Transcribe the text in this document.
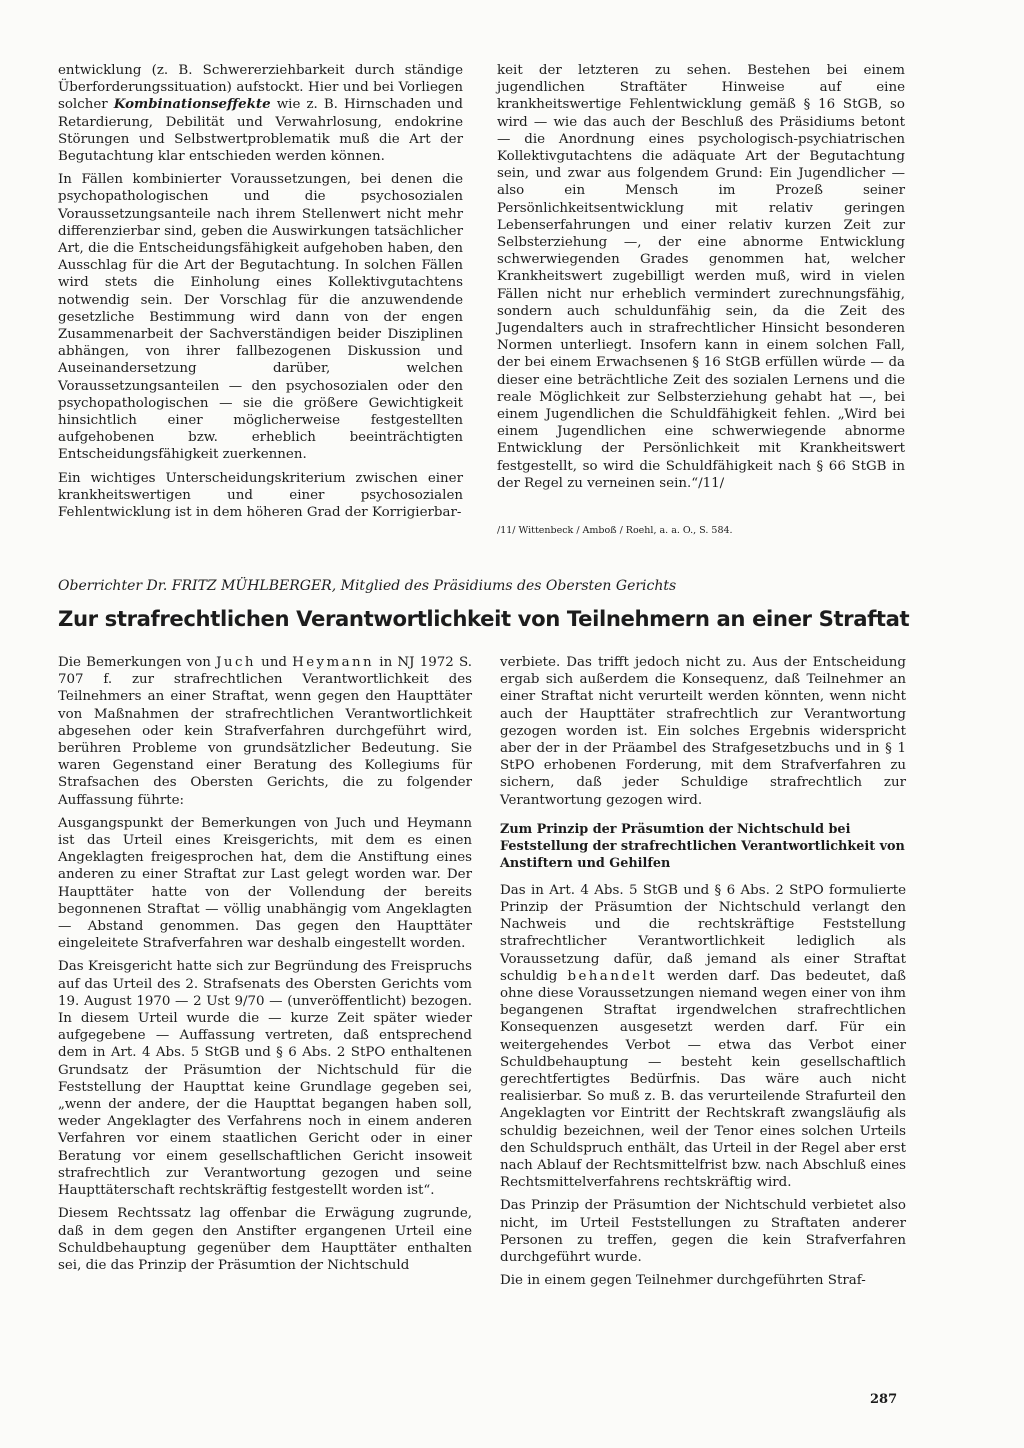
entwicklung (z. B. Schwererziehbarkeit durch ständige Überforderungssituation) aufstockt. Hier und bei Vorliegen solcher Kombinationseffekte wie z. B. Hirnschaden und Retardierung, Debilität und Verwahrlosung, endokrine Störungen und Selbstwertproblematik muß die Art der Begutachtung klar entschieden werden können.

In Fällen kombinierter Voraussetzungen, bei denen die psychopathologischen und die psychosozialen Voraussetzungsanteile nach ihrem Stellenwert nicht mehr differenzierbar sind, geben die Auswirkungen tatsächlicher Art, die die Entscheidungsfähigkeit aufgehoben haben, den Ausschlag für die Art der Begutachtung. In solchen Fällen wird stets die Einholung eines Kollektivgutachtens notwendig sein. Der Vorschlag für die anzuwendende gesetzliche Bestimmung wird dann von der engen Zusammenarbeit der Sachverständigen beider Disziplinen abhängen, von ihrer fallbezogenen Diskussion und Auseinandersetzung darüber, welchen Voraussetzungsanteilen — den psychosozialen oder den psychopathologischen — sie die größere Gewichtigkeit hinsichtlich einer möglicherweise festgestellten aufgehobenen bzw. erheblich beeinträchtigten Entscheidungsfähigkeit zuerkennen.

Ein wichtiges Unterscheidungskriterium zwischen einer krankheitswertigen und einer psychosozialen Fehlentwicklung ist in dem höheren Grad der Korrigierbar-

keit der letzteren zu sehen. Bestehen bei einem jugendlichen Straftäter Hinweise auf eine krankheitswertige Fehlentwicklung gemäß § 16 StGB, so wird — wie das auch der Beschluß des Präsidiums betont — die Anordnung eines psychologisch-psychiatrischen Kollektivgutachtens die adäquate Art der Begutachtung sein, und zwar aus folgendem Grund: Ein Jugendlicher — also ein Mensch im Prozeß seiner Persönlichkeitsentwicklung mit relativ geringen Lebenserfahrungen und einer relativ kurzen Zeit zur Selbsterziehung —, der eine abnorme Entwicklung schwerwiegenden Grades genommen hat, welcher Krankheitswert zugebilligt werden muß, wird in vielen Fällen nicht nur erheblich vermindert zurechnungsfähig, sondern auch schuldunfähig sein, da die Zeit des Jugendalters auch in strafrechtlicher Hinsicht besonderen Normen unterliegt. Insofern kann in einem solchen Fall, der bei einem Erwachsenen § 16 StGB erfüllen würde — da dieser eine beträchtliche Zeit des sozialen Lernens und die reale Möglichkeit zur Selbsterziehung gehabt hat —, bei einem Jugendlichen die Schuldfähigkeit fehlen. „Wird bei einem Jugendlichen eine schwerwiegende abnorme Entwicklung der Persönlichkeit mit Krankheitswert festgestellt, so wird die Schuldfähigkeit nach § 66 StGB in der Regel zu verneinen sein.“/11/

/11/ Wittenbeck / Amboß / Roehl, a. a. O., S. 584.
Oberrichter Dr. FRITZ MÜHLBERGER, Mitglied des Präsidiums des Obersten Gerichts
Zur strafrechtlichen Verantwortlichkeit von Teilnehmern an einer Straftat

Die Bemerkungen von Juch und Heymann in NJ 1972 S. 707 f. zur strafrechtlichen Verantwortlichkeit des Teilnehmers an einer Straftat, wenn gegen den Haupttäter von Maßnahmen der strafrechtlichen Verantwortlichkeit abgesehen oder kein Strafverfahren durchgeführt wird, berühren Probleme von grundsätzlicher Bedeutung. Sie waren Gegenstand einer Beratung des Kollegiums für Strafsachen des Obersten Gerichts, die zu folgender Auffassung führte:

Ausgangspunkt der Bemerkungen von Juch und Heymann ist das Urteil eines Kreisgerichts, mit dem es einen Angeklagten freigesprochen hat, dem die Anstiftung eines anderen zu einer Straftat zur Last gelegt worden war. Der Haupttäter hatte von der Vollendung der bereits begonnenen Straftat — völlig unabhängig vom Angeklagten — Abstand genommen. Das gegen den Haupttäter eingeleitete Strafverfahren war deshalb eingestellt worden.

Das Kreisgericht hatte sich zur Begründung des Freispruchs auf das Urteil des 2. Strafsenats des Obersten Gerichts vom 19. August 1970 — 2 Ust 9/70 — (unveröffentlicht) bezogen. In diesem Urteil wurde die — kurze Zeit später wieder aufgegebene — Auffassung vertreten, daß entsprechend dem in Art. 4 Abs. 5 StGB und § 6 Abs. 2 StPO enthaltenen Grundsatz der Präsumtion der Nichtschuld für die Feststellung der Haupttat keine Grundlage gegeben sei, „wenn der andere, der die Haupttat begangen haben soll, weder Angeklagter des Verfahrens noch in einem anderen Verfahren vor einem staatlichen Gericht oder in einer Beratung vor einem gesellschaftlichen Gericht insoweit strafrechtlich zur Verantwortung gezogen und seine Haupttäterschaft rechtskräftig festgestellt worden ist“.

Diesem Rechtssatz lag offenbar die Erwägung zugrunde, daß in dem gegen den Anstifter ergangenen Urteil eine Schuldbehauptung gegenüber dem Haupttäter enthalten sei, die das Prinzip der Präsumtion der Nichtschuld

verbiete. Das trifft jedoch nicht zu. Aus der Entscheidung ergab sich außerdem die Konsequenz, daß Teilnehmer an einer Straftat nicht verurteilt werden könnten, wenn nicht auch der Haupttäter strafrechtlich zur Verantwortung gezogen worden ist. Ein solches Ergebnis widerspricht aber der in der Präambel des Strafgesetzbuchs und in § 1 StPO erhobenen Forderung, mit dem Strafverfahren zu sichern, daß jeder Schuldige strafrechtlich zur Verantwortung gezogen wird.

Zum Prinzip der Präsumtion der Nichtschuld bei Feststellung der strafrechtlichen Verantwortlichkeit von Anstiftern und Gehilfen

Das in Art. 4 Abs. 5 StGB und § 6 Abs. 2 StPO formulierte Prinzip der Präsumtion der Nichtschuld verlangt den Nachweis und die rechtskräftige Feststellung strafrechtlicher Verantwortlichkeit lediglich als Voraussetzung dafür, daß jemand als einer Straftat schuldig behandelt werden darf. Das bedeutet, daß ohne diese Voraussetzungen niemand wegen einer von ihm begangenen Straftat irgendwelchen strafrechtlichen Konsequenzen ausgesetzt werden darf. Für ein weitergehendes Verbot — etwa das Verbot einer Schuldbehauptung — besteht kein gesellschaftlich gerechtfertigtes Bedürfnis. Das wäre auch nicht realisierbar. So muß z. B. das verurteilende Strafurteil den Angeklagten vor Eintritt der Rechtskraft zwangsläufig als schuldig bezeichnen, weil der Tenor eines solchen Urteils den Schuldspruch enthält, das Urteil in der Regel aber erst nach Ablauf der Rechtsmittelfrist bzw. nach Abschluß eines Rechtsmittelverfahrens rechtskräftig wird.

Das Prinzip der Präsumtion der Nichtschuld verbietet also nicht, im Urteil Feststellungen zu Straftaten anderer Personen zu treffen, gegen die kein Strafverfahren durchgeführt wurde.

Die in einem gegen Teilnehmer durchgeführten Straf-

287
